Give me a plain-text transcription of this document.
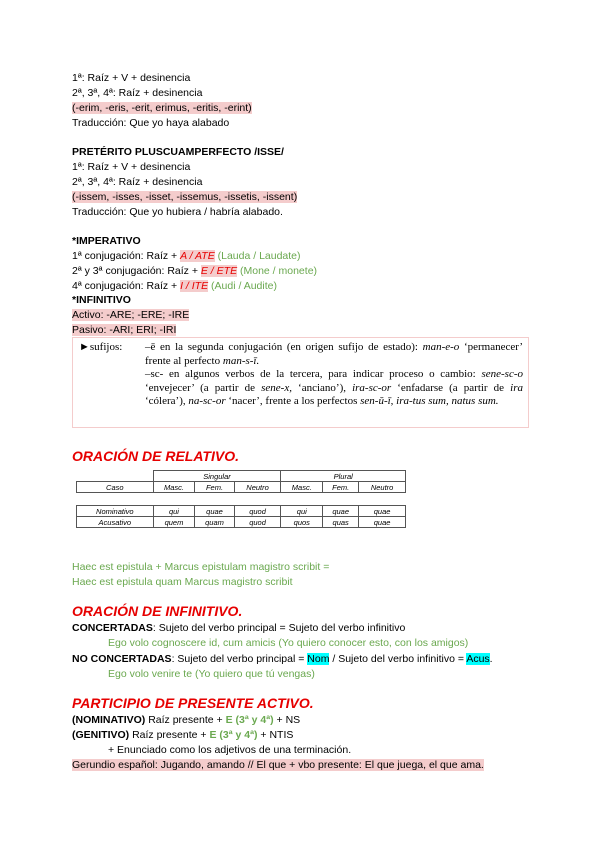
1ª: Raíz + V + desinencia
2ª, 3ª, 4ª: Raíz + desinencia
(-erim, -eris, -erit, erimus, -eritis, -erint)
Traducción: Que yo haya alabado
PRETÉRITO PLUSCUAMPERFECTO /ISSE/
1ª: Raíz + V + desinencia
2ª, 3ª, 4ª: Raíz + desinencia
(-issem, -isses, -isset, -issemus, -issetis, -issent)
Traducción: Que yo hubiera / habría alabado.
*IMPERATIVO
1ª conjugación: Raíz + A / ATE (Lauda / Laudate)
2ª y 3ª conjugación: Raíz + E / ETE (Mone / monete)
4ª conjugación: Raíz + I / ITE (Audi / Audite)
*INFINITIVO
Activo: -ARE; -ERE; -IRE
Pasivo: -ARI; ERI; -IRI
►sufijos: –ē en la segunda conjugación (en origen sufijo de estado): man-e-o ‘permanecer’ frente al perfecto man-s-ī.
–sc- en algunos verbos de la tercera, para indicar proceso o cambio: sene-sc-o ‘envejecer’ (a partir de sene-x, ‘anciano’), ira-sc-or ‘enfadarse (a partir de ira ‘cólera’), na-sc-or ‘nacer’, frente a los perfectos sen-ŭ-ī, ira-tus sum, natus sum.
ORACIÓN DE RELATIVO.
	Singular			Plural		
Caso	Masc.	Fem.	Neutro	Masc.	Fem.	Neutro

Nominativo	qui	quae	quod	qui	quae	quae
Acusativo	quem	quam	quod	quos	quas	quae
Haec est epistula + Marcus epistulam magistro scribit =
Haec est epistula quam Marcus magistro scribit
ORACIÓN DE INFINITIVO.
CONCERTADAS: Sujeto del verbo principal = Sujeto del verbo infinitivo
Ego volo cognoscere id, cum amicis (Yo quiero conocer esto, con los amigos)
NO CONCERTADAS: Sujeto del verbo principal = Nom / Sujeto del verbo infinitivo = Acus.
Ego volo venire te (Yo quiero que tú vengas)
PARTICIPIO DE PRESENTE ACTIVO.
(NOMINATIVO) Raíz presente + E (3ª y 4ª) + NS
(GENITIVO) Raíz presente + E (3ª y 4ª) + NTIS
+ Enunciado como los adjetivos de una terminación.
Gerundio español: Jugando, amando // El que + vbo presente: El que juega, el que ama.
